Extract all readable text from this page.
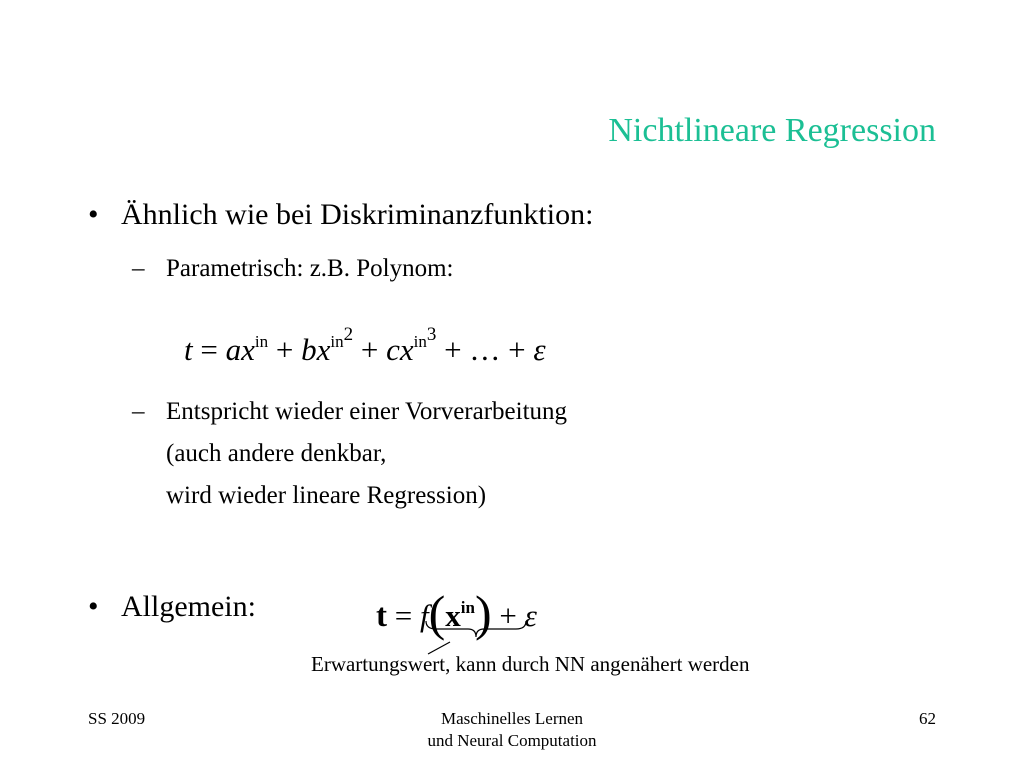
Nichtlineare Regression
• Ähnlich wie bei Diskriminanzfunktion:
– Parametrisch: z.B. Polynom:
$t = ax^{in} + bx^{in2} + cx^{in3}$ + … + ε
– Entspricht wieder einer Vorverarbeitung
(auch andere denkbar,
wird wieder lineare Regression)
• Allgemein:	$t = f(x^{in}) + \varepsilon$
Erwartungswert, kann durch NN angenähert werden
SS 2009	Maschinelles Lernen
und Neural Computation
62
